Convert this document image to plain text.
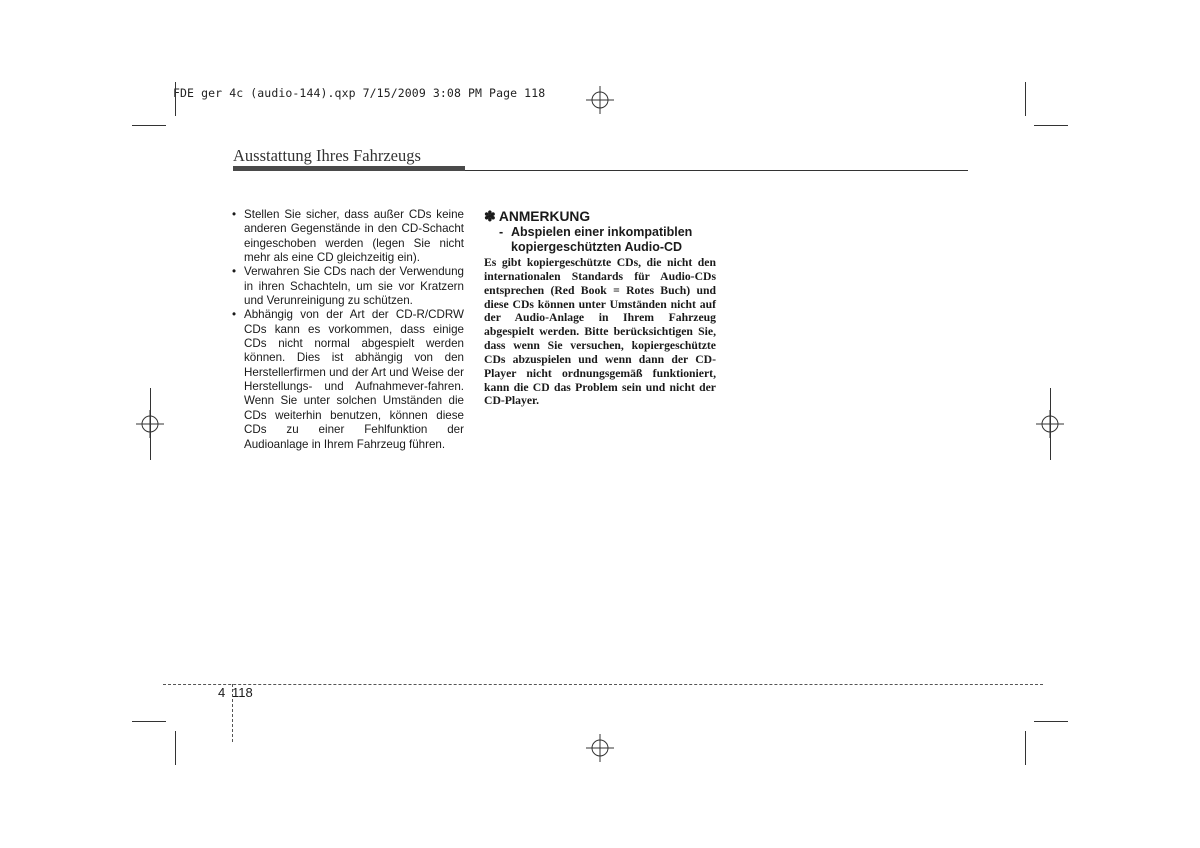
FDE ger 4c (audio-144).qxp 7/15/2009 3:08 PM Page 118
Ausstattung Ihres Fahrzeugs
• Stellen Sie sicher, dass außer CDs keine anderen Gegenstände in den CD-Schacht eingeschoben werden (legen Sie nicht mehr als eine CD gleichzeitig ein).
• Verwahren Sie CDs nach der Verwendung in ihren Schachteln, um sie vor Kratzern und Verunreinigung zu schützen.
• Abhängig von der Art der CD-R/CDRW CDs kann es vorkommen, dass einige CDs nicht normal abgespielt werden können. Dies ist abhängig von den Herstellerfirmen und der Art und Weise der Herstellungs- und Aufnahmever-fahren. Wenn Sie unter solchen Umständen die CDs weiterhin benutzen, können diese CDs zu einer Fehlfunktion der Audioanlage in Ihrem Fahrzeug führen.
✽ ANMERKUNG
- Abspielen einer inkompatiblen kopiergeschützten Audio-CD
Es gibt kopiergeschützte CDs, die nicht den internationalen Standards für Audio-CDs entsprechen (Red Book = Rotes Buch) und diese CDs können unter Umständen nicht auf der Audio-Anlage in Ihrem Fahrzeug abgespielt werden. Bitte berücksichtigen Sie, dass wenn Sie versuchen, kopiergeschützte CDs abzuspielen und wenn dann der CD-Player nicht ordnungsgemäß funktioniert, kann die CD das Problem sein und nicht der CD-Player.
4 118
